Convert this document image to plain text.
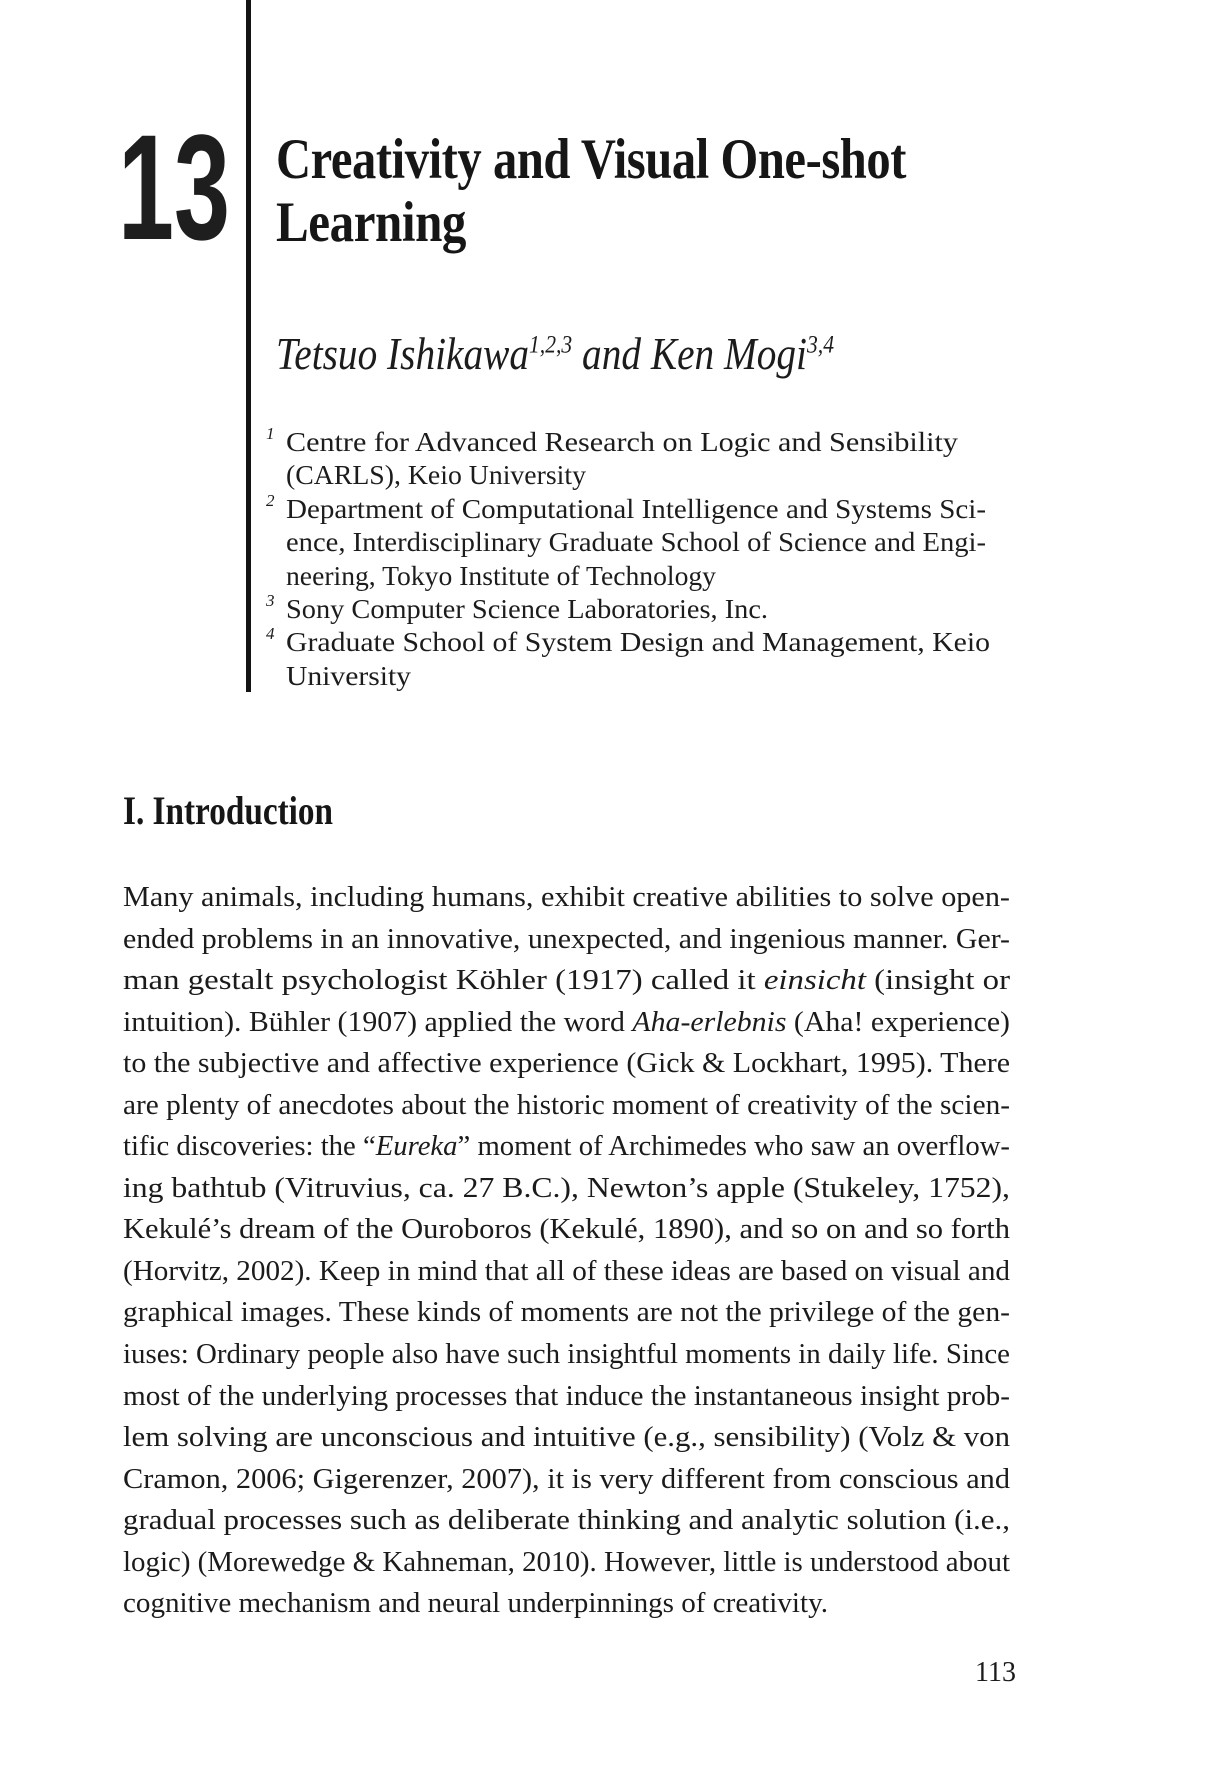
13 Creativity and Visual One-shot Learning
Tetsuo Ishikawa$^{1,2,3}$ and Ken Mogi$^{3,4}$
1 Centre for Advanced Research on Logic and Sensibility
(CARLS), Keio University
2 Department of Computational Intelligence and Systems Sci-
ence, Interdisciplinary Graduate School of Science and Engi-
neering, Tokyo Institute of Technology
3 Sony Computer Science Laboratories, Inc.
4 Graduate School of System Design and Management, Keio
University
I. Introduction
Many animals, including humans, exhibit creative abilities to solve open-
ended problems in an innovative, unexpected, and ingenious manner. Ger-
man gestalt psychologist Köhler (1917) called it einsicht (insight or
intuition). Bühler (1907) applied the word Aha-erlebnis (Aha! experience)
to the subjective and affective experience (Gick & Lockhart, 1995). There
are plenty of anecdotes about the historic moment of creativity of the scien-
tific discoveries: the “Eureka” moment of Archimedes who saw an overflow-
ing bathtub (Vitruvius, ca. 27 B.C.), Newton’s apple (Stukeley, 1752),
Kekulé’s dream of the Ouroboros (Kekulé, 1890), and so on and so forth
(Horvitz, 2002). Keep in mind that all of these ideas are based on visual and
graphical images. These kinds of moments are not the privilege of the gen-
iuses: Ordinary people also have such insightful moments in daily life. Since
most of the underlying processes that induce the instantaneous insight prob-
lem solving are unconscious and intuitive (e.g., sensibility) (Volz & von
Cramon, 2006; Gigerenzer, 2007), it is very different from conscious and
gradual processes such as deliberate thinking and analytic solution (i.e.,
logic) (Morewedge & Kahneman, 2010). However, little is understood about
cognitive mechanism and neural underpinnings of creativity.
113
